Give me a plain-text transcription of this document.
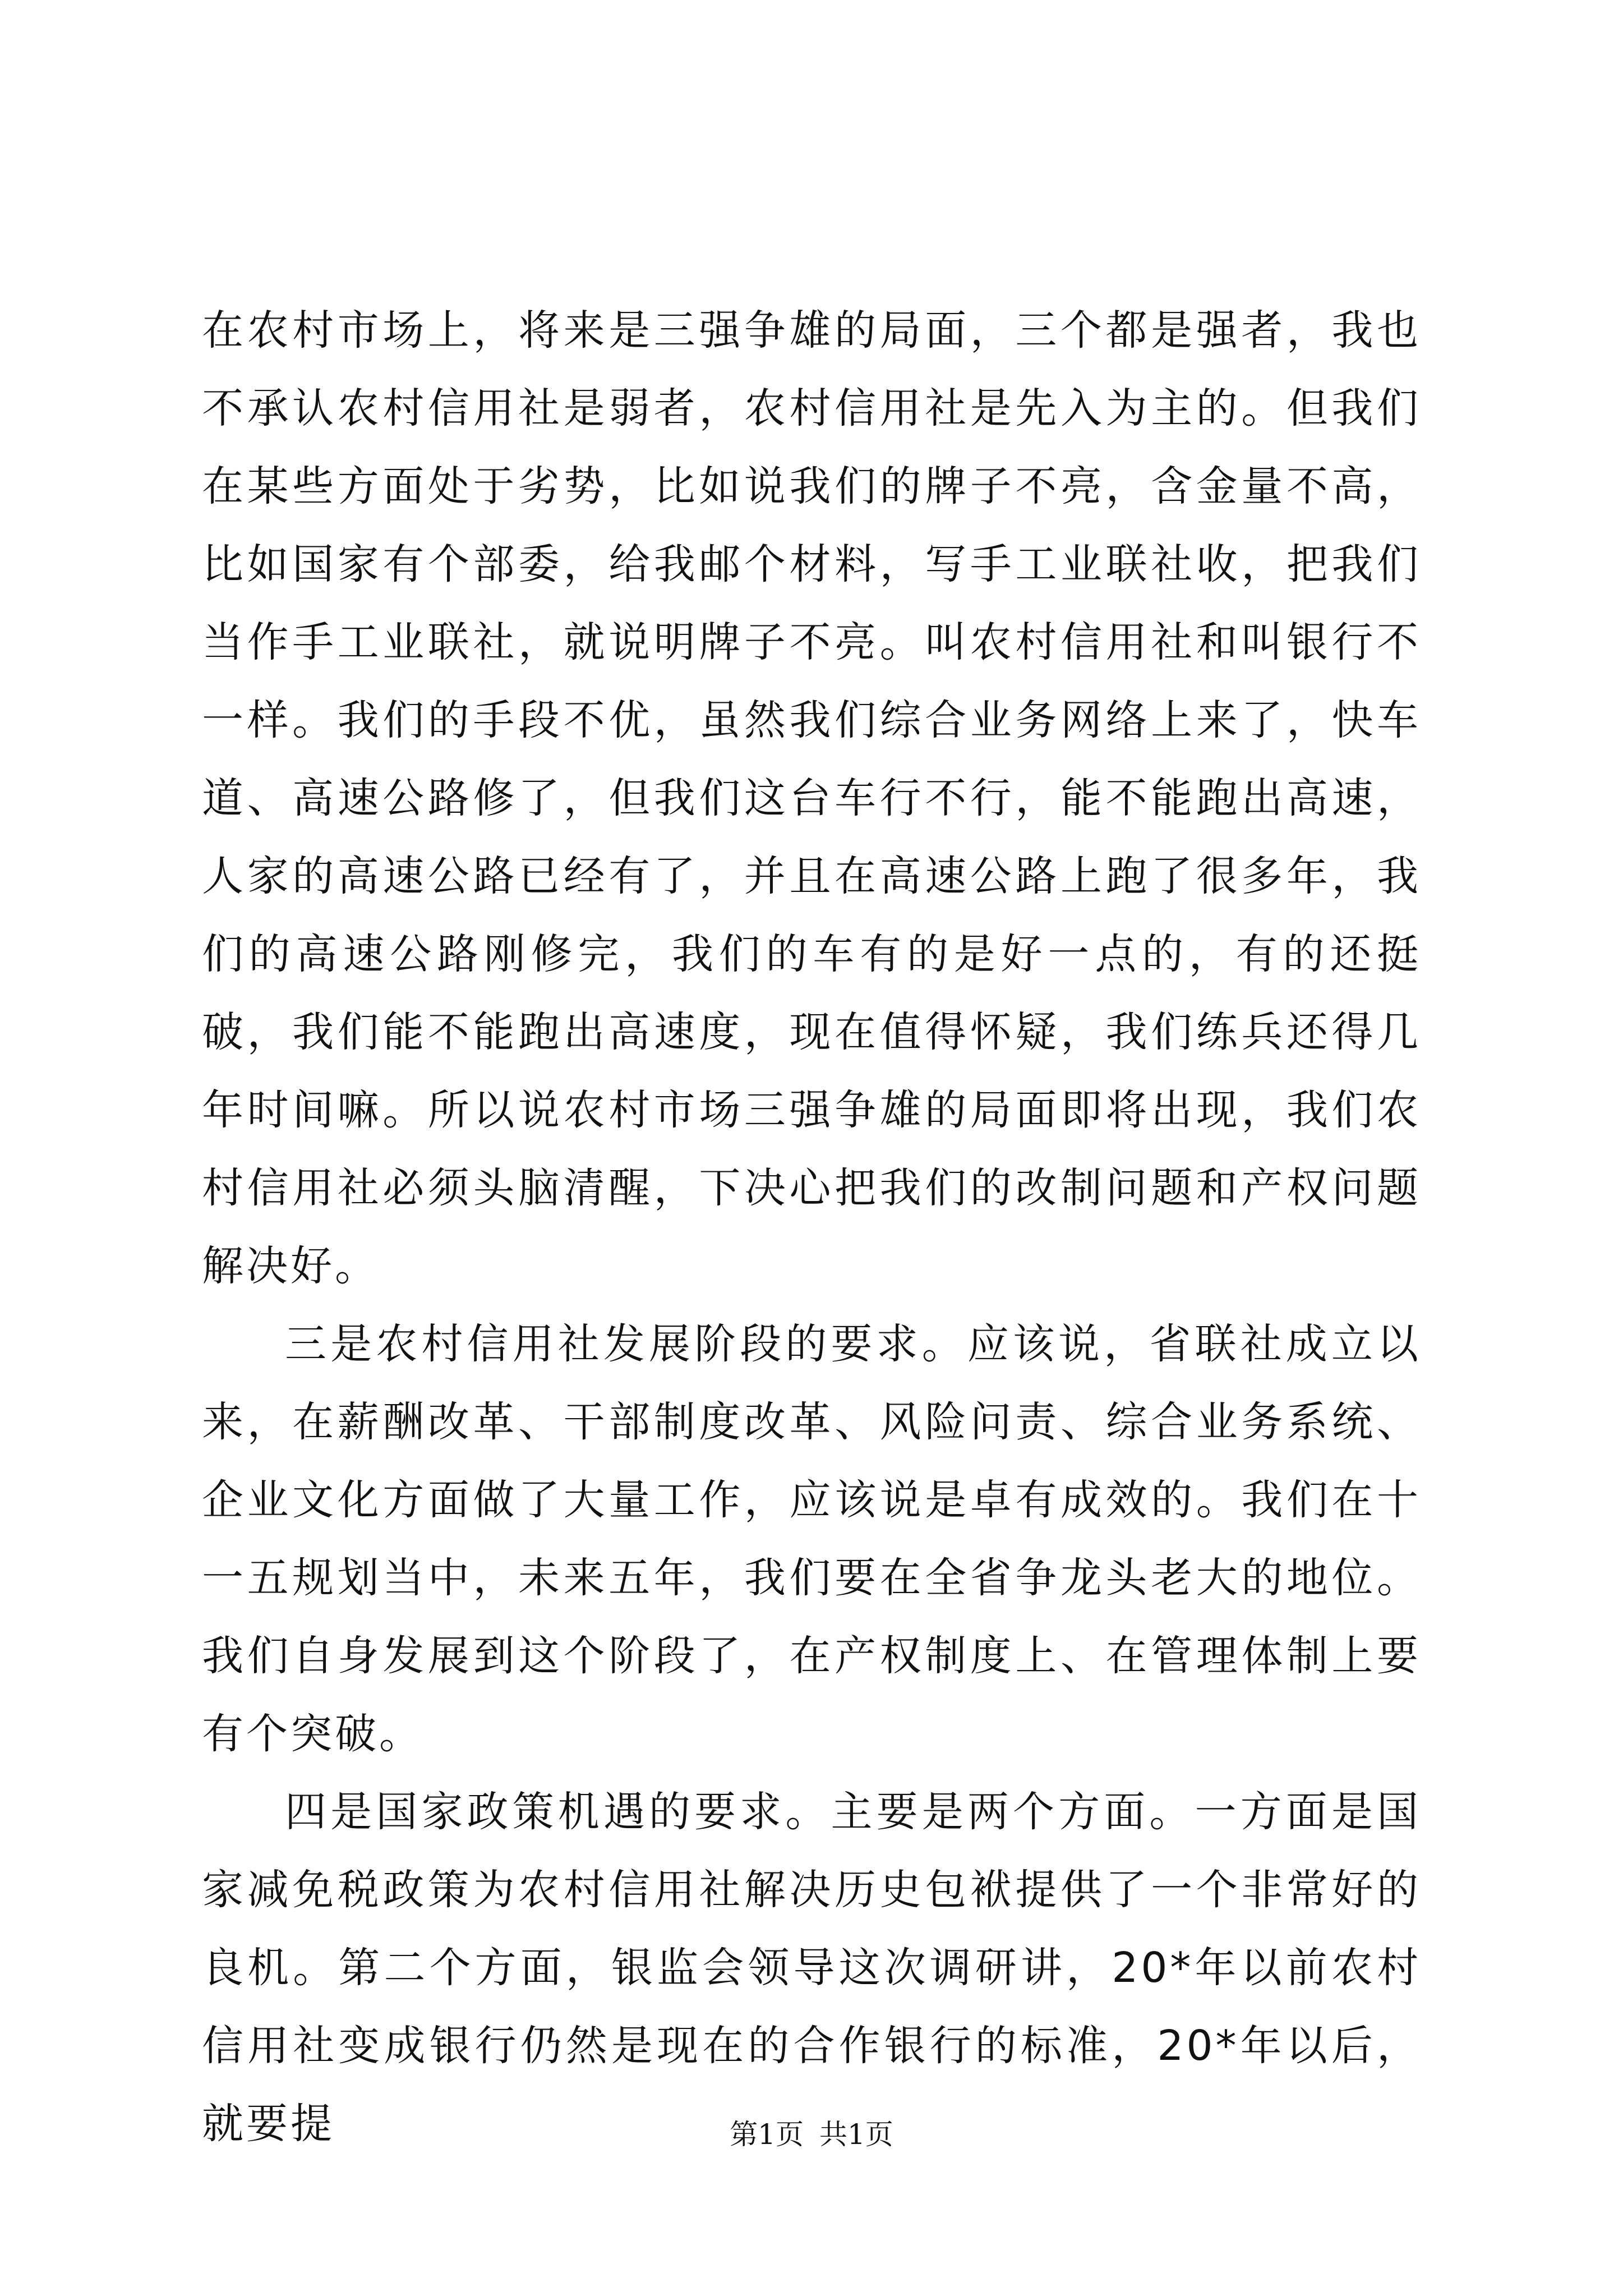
在农村市场上，将来是三强争雄的局面，三个都是强者，我也不承认农村信用社是弱者，农村信用社是先入为主的。但我们在某些方面处于劣势，比如说我们的牌子不亮，含金量不高，比如国家有个部委，给我邮个材料，写手工业联社收，把我们当作手工业联社，就说明牌子不亮。叫农村信用社和叫银行不一样。我们的手段不优，虽然我们综合业务网络上来了，快车道、高速公路修了，但我们这台车行不行，能不能跑出高速，人家的高速公路已经有了，并且在高速公路上跑了很多年，我们的高速公路刚修完，我们的车有的是好一点的，有的还挺破，我们能不能跑出高速度，现在值得怀疑，我们练兵还得几年时间嘛。所以说农村市场三强争雄的局面即将出现，我们农村信用社必须头脑清醒，下决心把我们的改制问题和产权问题解决好。

三是农村信用社发展阶段的要求。应该说，省联社成立以来，在薪酬改革、干部制度改革、风险问责、综合业务系统、企业文化方面做了大量工作，应该说是卓有成效的。我们在十一五规划当中，未来五年，我们要在全省争龙头老大的地位。我们自身发展到这个阶段了，在产权制度上、在管理体制上要有个突破。

四是国家政策机遇的要求。主要是两个方面。一方面是国家减免税政策为农村信用社解决历史包袱提供了一个非常好的良机。第二个方面，银监会领导这次调研讲，20*年以前农村信用社变成银行仍然是现在的合作银行的标准，20*年以后，就要提	第1页 共1页
